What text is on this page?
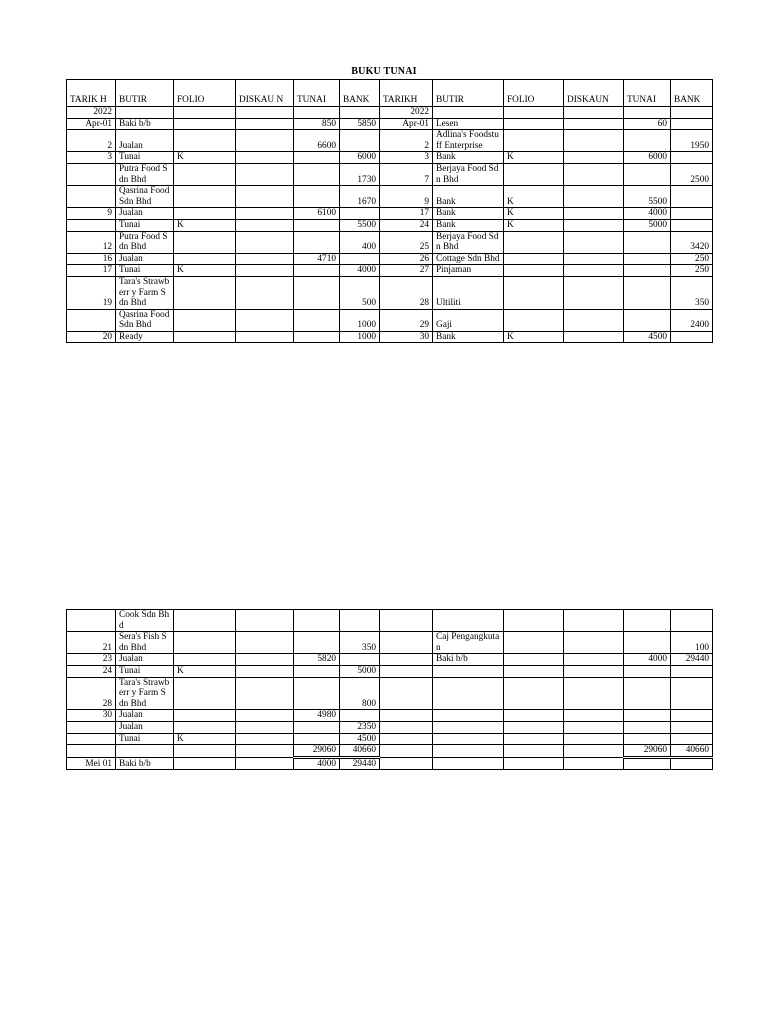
BUKU TUNAI
TARIK H	BUTIR	FOLIO	DISKAU N	TUNAI	BANK	TARIKH	BUTIR	FOLIO	DISKAUN	TUNAI	BANK
2022						2022					
Apr-01	Baki b/b			850	5850	Apr-01	Lesen			60	
2	Jualan			6600		2	Adlina's Foodstuff Enterprise				1950
3	Tunai	K			6000	3	Bank	K		6000	
	Putra Food Sdn Bhd				1730	7	Berjaya Food Sdn Bhd				2500
	Qasrina Food Sdn Bhd				1670	9	Bank	K		5500	
9	Jualan			6100		17	Bank	K		4000	
	Tunai	K			5500	24	Bank	K		5000	
12	Putra Food Sdn Bhd				400	25	Berjaya Food Sdn Bhd				3420
16	Jualan			4710		26	Cottage Sdn Bhd				250
17	Tunai	K			4000	27	Pinjaman				250
19	Tara's Strawberr y Farm Sdn Bhd				500	28	Ultiliti				350
	Qasrina Food Sdn Bhd				1000	29	Gaji				2400
20	Ready				1000	30	Bank	K		4500	
	Cook Sdn Bhd										
21	Sera's Fish Sdn Bhd				350		Caj Pengangkuta n				100
23	Jualan			5820			Baki b/b			4000	29440
24	Tunai	K			5000						
28	Tara's Strawberr y Farm Sdn Bhd				800						
30	Jualan			4980							
	Jualan				2350						
	Tunai	K			4500						
				29060	40660					29060	40660
Mei 01	Baki b/b			4000	29440						
